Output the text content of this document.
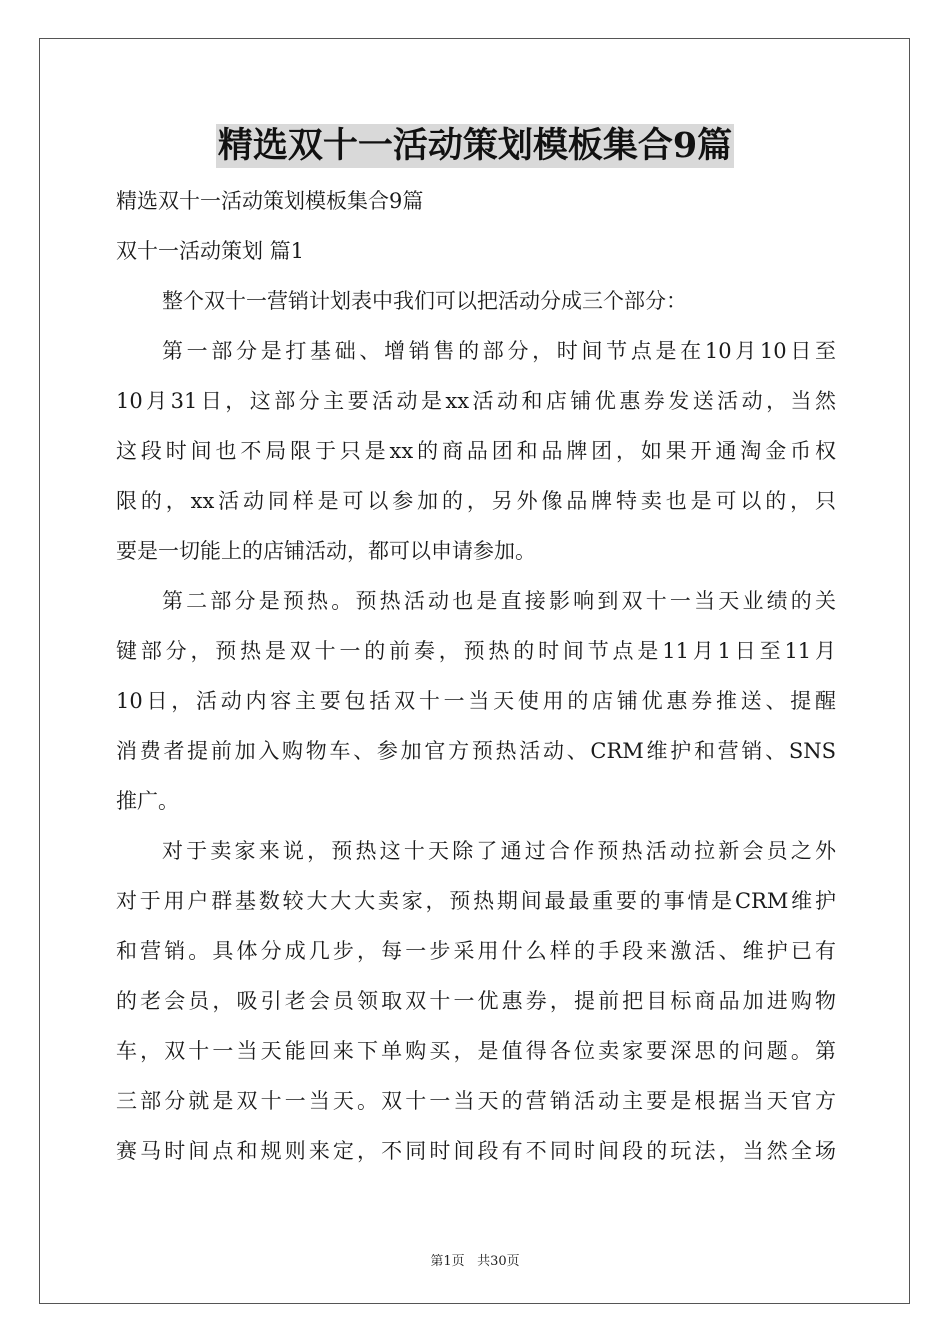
精选双十一活动策划模板集合9篇
精选双十一活动策划模板集合9篇
双十一活动策划 篇1
整个双十一营销计划表中我们可以把活动分成三个部分：
第一部分是打基础、增销售的部分，时间节点是在10月10日至
10月31日，这部分主要活动是xx活动和店铺优惠券发送活动，当然
这段时间也不局限于只是xx的商品团和品牌团，如果开通淘金币权
限的，xx活动同样是可以参加的，另外像品牌特卖也是可以的，只
要是一切能上的店铺活动，都可以申请参加。
第二部分是预热。预热活动也是直接影响到双十一当天业绩的关
键部分，预热是双十一的前奏，预热的时间节点是11月1日至11月
10日，活动内容主要包括双十一当天使用的店铺优惠券推送、提醒
消费者提前加入购物车、参加官方预热活动、CRM维护和营销、SNS
推广。
对于卖家来说，预热这十天除了通过合作预热活动拉新会员之外
对于用户群基数较大大大卖家，预热期间最最重要的事情是CRM维护
和营销。具体分成几步，每一步采用什么样的手段来激活、维护已有
的老会员，吸引老会员领取双十一优惠券，提前把目标商品加进购物
车，双十一当天能回来下单购买，是值得各位卖家要深思的问题。第
三部分就是双十一当天。双十一当天的营销活动主要是根据当天官方
赛马时间点和规则来定，不同时间段有不同时间段的玩法，当然全场
第1页 共30页
